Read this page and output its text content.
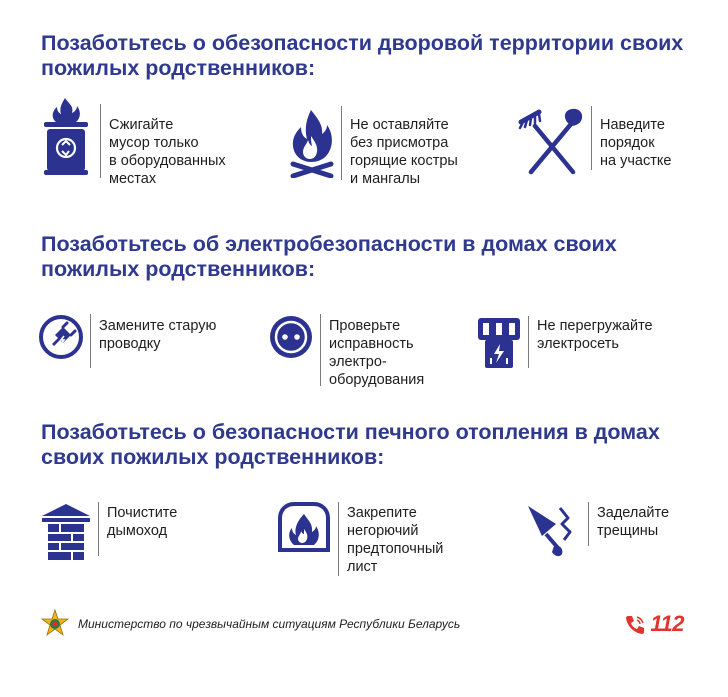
Позаботьтесь о обезопасности дворовой территории своих пожилых родственников:
Сжигайте
мусор только
в оборудованных
местах
Не оставляйте
без присмотра
горящие костры
и мангалы
Наведите
порядок
на участке
Позаботьтесь об электробезопасности в домах своих пожилых родственников:
Замените старую
проводку
Проверьте
исправность
электро-
оборудования
Не перегружайте
электросеть
Позаботьтесь о безопасности печного отопления в домах своих пожилых родственников:
Почистите
дымоход
Закрепите
негорючий
предтопочный
лист
Заделайте
трещины
Министерство по чрезвычайным ситуациям Республики Беларусь	112
